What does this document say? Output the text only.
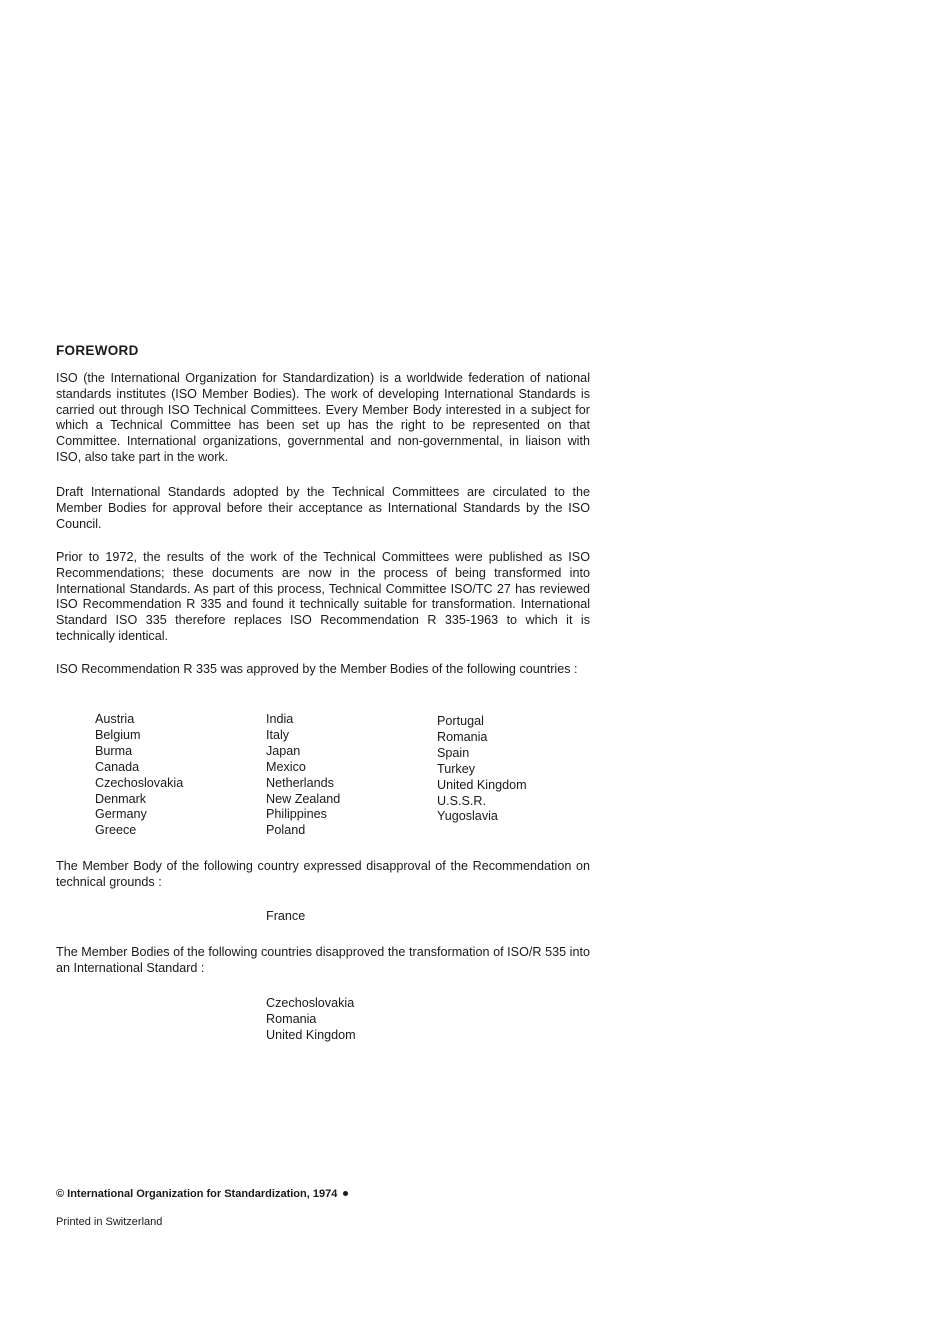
FOREWORD

ISO (the International Organization for Standardization) is a worldwide federation of national standards institutes (ISO Member Bodies). The work of developing International Standards is carried out through ISO Technical Committees. Every Member Body interested in a subject for which a Technical Committee has been set up has the right to be represented on that Committee. International organizations, governmental and non-governmental, in liaison with ISO, also take part in the work.

Draft International Standards adopted by the Technical Committees are circulated to the Member Bodies for approval before their acceptance as International Standards by the ISO Council.

Prior to 1972, the results of the work of the Technical Committees were published as ISO Recommendations; these documents are now in the process of being transformed into International Standards. As part of this process, Technical Committee ISO/TC 27 has reviewed ISO Recommendation R 335 and found it technically suitable for transformation. International Standard ISO 335 therefore replaces ISO Recommendation R 335-1963 to which it is technically identical.

ISO Recommendation R 335 was approved by the Member Bodies of the following countries :

Austria
Belgium
Burma
Canada
Czechoslovakia
Denmark
Germany
Greece
India
Italy
Japan
Mexico
Netherlands
New Zealand
Philippines
Poland
Portugal
Romania
Spain
Turkey
United Kingdom
U.S.S.R.
Yugoslavia

The Member Body of the following country expressed disapproval of the Recommendation on technical grounds :

France

The Member Bodies of the following countries disapproved the transformation of ISO/R 535 into an International Standard :

Czechoslovakia
Romania
United Kingdom
© International Organization for Standardization, 1974
Printed in Switzerland
